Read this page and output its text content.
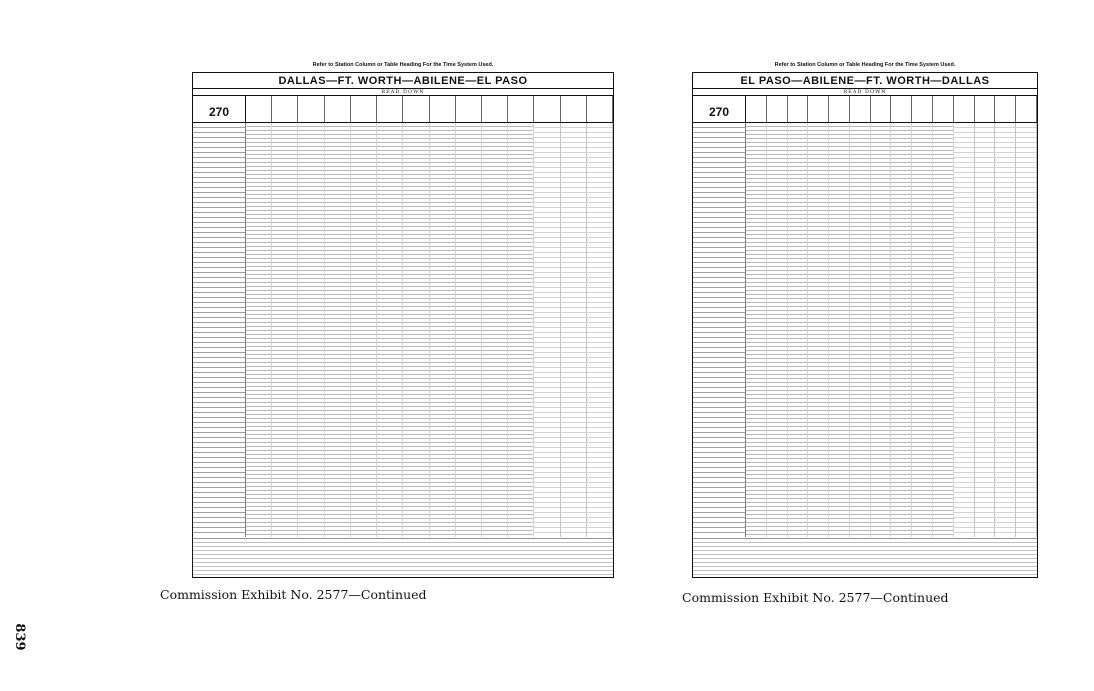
839
Refer to Station Column or Table Heading For the Time System Used.
DALLAS—FT. WORTH—ABILENE—EL PASO
READ DOWN
270
Refer to Station Column or Table Heading For the Time System Used.
EL PASO—ABILENE—FT. WORTH—DALLAS
READ DOWN
270
Commission Exhibit No. 2577—Continued	Commission Exhibit No. 2577—Continued
